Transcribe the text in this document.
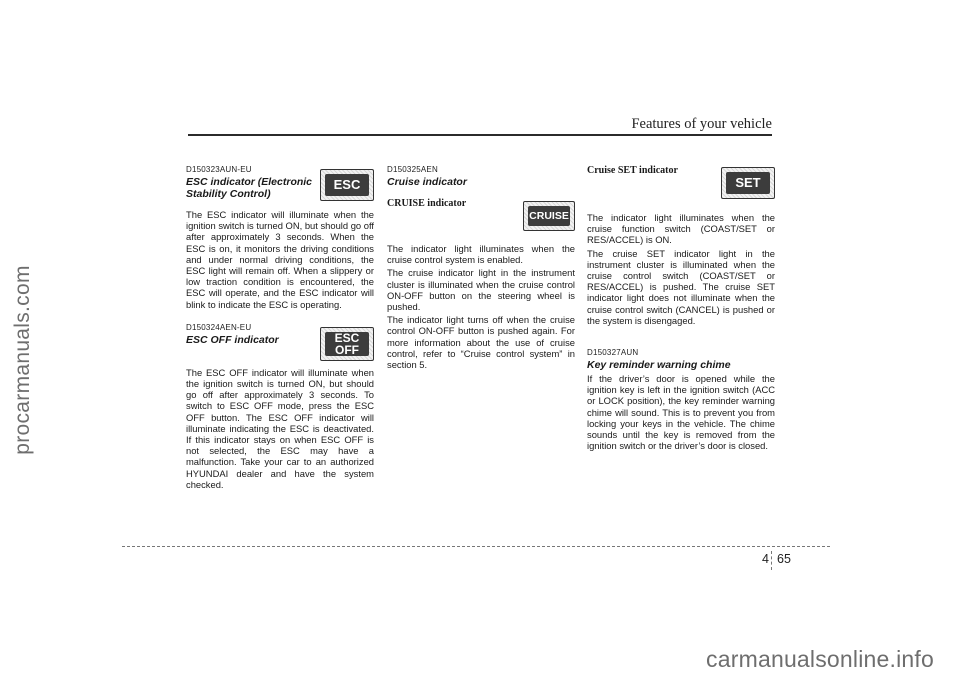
procarmanuals.com
Features of your vehicle
ESC

D150323AUN-EU

ESC indicator (Electronic
Stability Control)

The ESC indicator will illuminate when the ignition switch is turned ON, but should go off after approximately 3 seconds. When the ESC is on, it monitors the driving conditions and under normal driving conditions, the ESC light will remain off. When a slippery or low traction condition is encountered, the ESC will operate, and the ESC indicator will blink to indicate the ESC is operating.

ESC
OFF

D150324AEN-EU

ESC OFF indicator

The ESC OFF indicator will illuminate when the ignition switch is turned ON, but should go off after approximately 3 seconds. To switch to ESC OFF mode, press the ESC OFF button. The ESC OFF indicator will illuminate indicating the ESC is deactivated. If this indicator stays on when ESC OFF is not selected, the ESC may have a malfunction. Take your car to an authorized HYUNDAI dealer and have the system checked.

D150325AEN

Cruise indicator

CRUISE indicator

CRUISE

The indicator light illuminates when the cruise control system is enabled.

The cruise indicator light in the instrument cluster is illuminated when the cruise control ON-OFF button on the steering wheel is pushed.

The indicator light turns off when the cruise control ON-OFF button is pushed again. For more information about the use of cruise control, refer to “Cruise control system” in section 5.

SET

Cruise SET indicator

The indicator light illuminates when the cruise function switch (COAST/SET or RES/ACCEL) is ON.

The cruise SET indicator light in the instrument cluster is illuminated when the cruise control switch (COAST/SET or RES/ACCEL) is pushed. The cruise SET indicator light does not illuminate when the cruise control switch (CANCEL) is pushed or the system is disengaged.

D150327AUN

Key reminder warning chime

If the driver’s door is opened while the ignition key is left in the ignition switch (ACC or LOCK position), the key reminder warning chime will sound. This is to prevent you from locking your keys in the vehicle. The chime sounds until the key is removed from the ignition switch or the driver’s door is closed.

4 65
carmanualsonline.info
